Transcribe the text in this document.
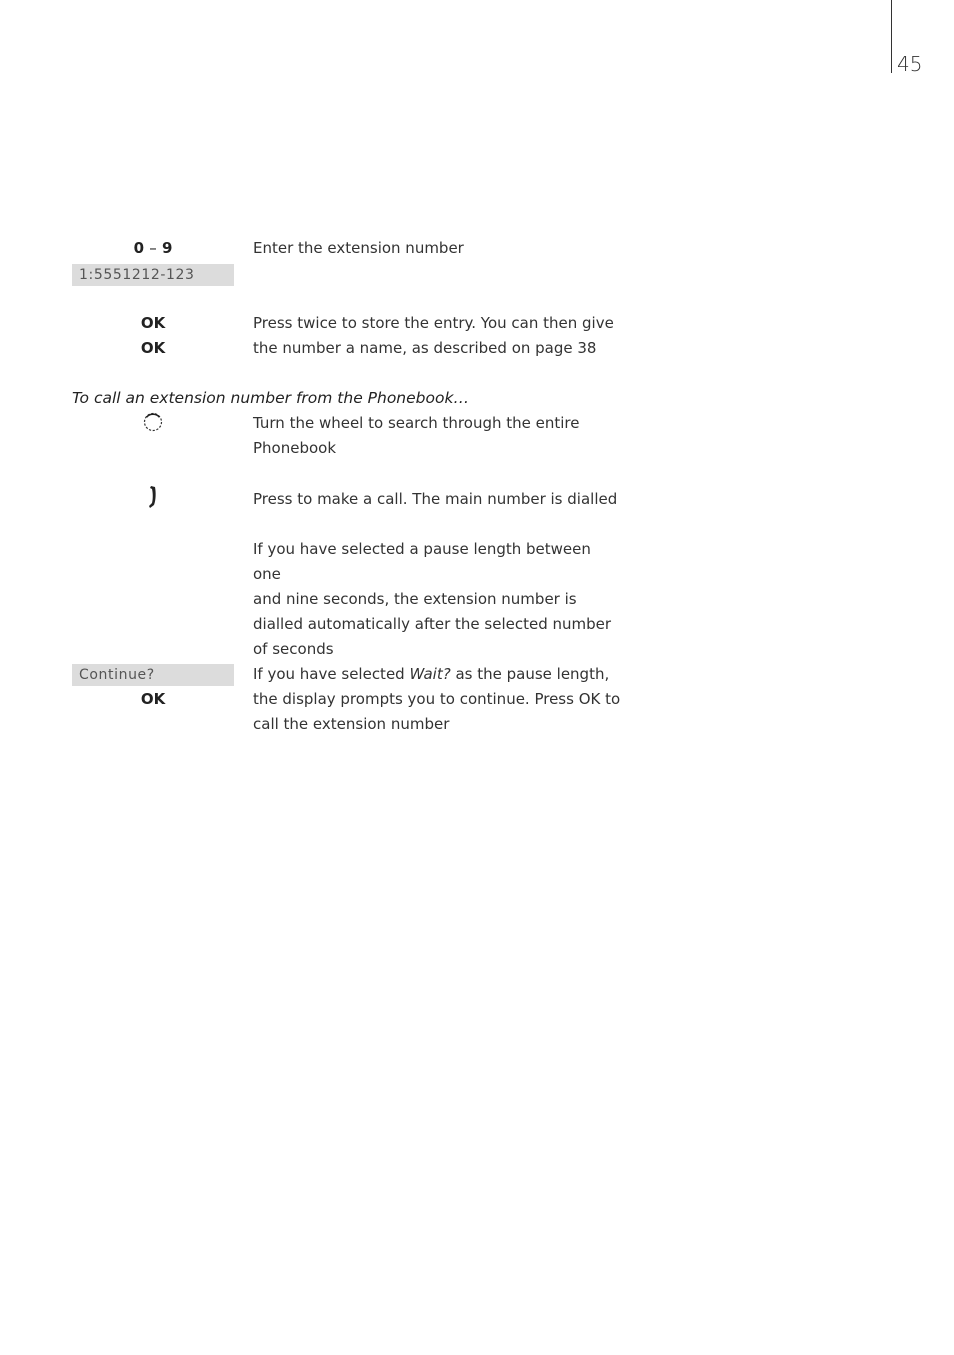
45
0 – 9	Enter the extension number
1:5551212-123
OK
OK
Press twice to store the entry. You can then give
the number a name, as described on page 38
To call an extension number from the Phonebook…
Turn the wheel to search through the entire
Phonebook
Press to make a call. The main number is dialled
If you have selected a pause length between one
and nine seconds, the extension number is
dialled automatically after the selected number
of seconds
Continue?
OK
If you have selected Wait? as the pause length,
the display prompts you to continue. Press OK to
call the extension number
